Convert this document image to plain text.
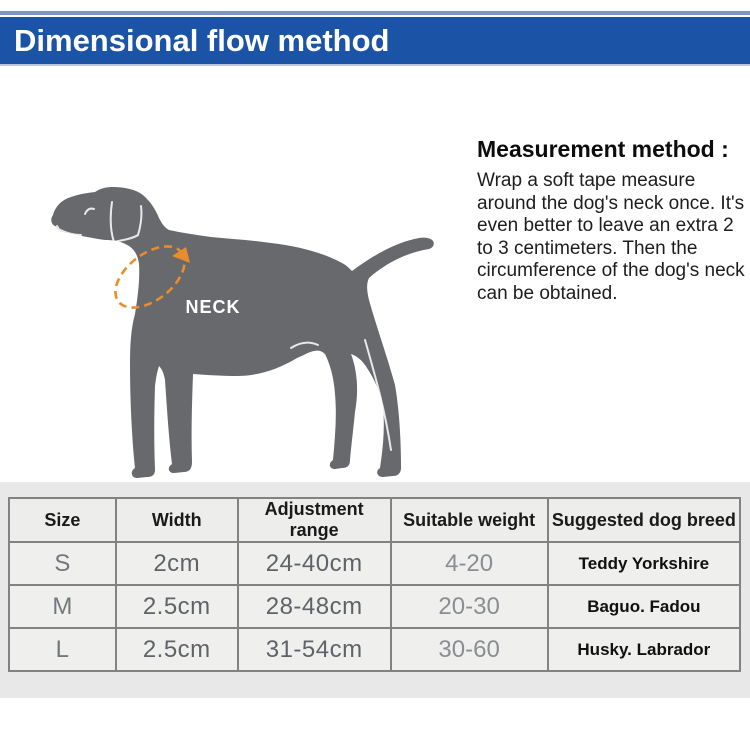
Dimensional flow method
NECK
Measurement method :

Wrap a soft tape measure around the dog's neck once. It's even better to leave an extra 2 to 3 centimeters. Then the circumference of the dog's neck can be obtained.

Size	Width	Adjustment range	Suitable weight	Suggested dog breed
S	2cm	24-40cm	4-20	Teddy Yorkshire
M	2.5cm	28-48cm	20-30	Baguo. Fadou
L	2.5cm	31-54cm	30-60	Husky. Labrador
